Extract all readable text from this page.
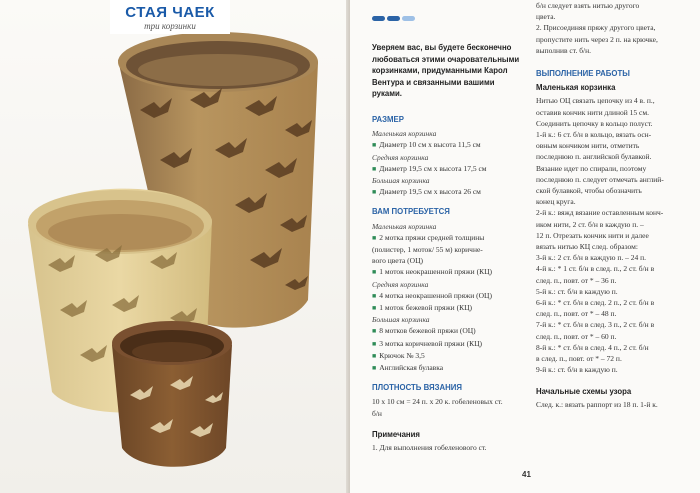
СТАЯ ЧАЕК
три корзинки
Уверяем вас, вы будете бесконечно любоваться этими очаровательными корзинками, придуманными Карол Вентура и связанными вашими руками.
РАЗМЕР
Маленькая корзинка
■ Диаметр 10 см х высота 11,5 см
Средняя корзинка
■ Диаметр 19,5 см х высота 17,5 см
Большая корзинка
■ Диаметр 19,5 см х высота 26 см
ВАМ ПОТРЕБУЕТСЯ
Маленькая корзинка
■ 2 мотка пряжи средней толщины
(полистер, 1 моток/ 55 м) коричне-
вого цвета (ОЦ)
■ 1 моток неокрашенной пряжи (КЦ)
Средняя корзинка
■ 4 мотка неокрашенной пряжи (ОЦ)
■ 1 моток бежевой пряжи (КЦ)
Большая корзинка
■ 8 мотков бежевой пряжи (ОЦ)
■ 3 мотка коричневой пряжи (КЦ)
■ Крючок № 3,5
■ Английская булавка
ПЛОТНОСТЬ ВЯЗАНИЯ
10 х 10 см = 24 п. х 20 к. гобеленовых ст.
б/н
Примечания
1. Для выполнения гобеленового ст.
б/н следует взять нитью другого
цвета.
2. Присоединяя пряжу другого цвета,
пропустите нить через 2 п. на крючке,
выполнив ст. б/н.
ВЫПОЛНЕНИЕ РАБОТЫ
Маленькая корзинка
Нитью ОЦ связать цепочку из 4 в. п.,
оставив кончик нити длиной 15 см.
Соединить цепочку в кольцо полуст.
1-й к.: 6 ст. б/н в кольцо, вязать осн-
овным кончиком нити, отметить
последнюю п. английской булавкой.
Вязание идет по спирали, поэтому
последнюю п. следует отмечать англий-
ской булавкой, чтобы обозначить
конец круга.
2-й к.: вяжд вязание оставленным конч-
иком нити, 2 ст. б/н в каждую п. –
12 п. Отрезать кончик нити и далее
вязать нитью КЦ след. образом:
3-й к.: 2 ст. б/н в каждую п. – 24 п.
4-й к.: * 1 ст. б/н в след. п., 2 ст. б/н в
след. п., повт. от * – 36 п.
5-й к.: ст. б/н в каждую п.
6-й к.: * ст. б/н в след. 2 п., 2 ст. б/н в
след. п., повт. от * – 48 п.
7-й к.: * ст. б/н в след. 3 п., 2 ст. б/н в
след. п., повт. от * – 60 п.
8-й к.: * ст. б/н в след. 4 п., 2 ст. б/н
в след. п., повт. от * – 72 п.
9-й к.: ст. б/н в каждую п.
Начальные схемы узора
След. к.: вязать раппорт из 18 п. 1-й к.
41
